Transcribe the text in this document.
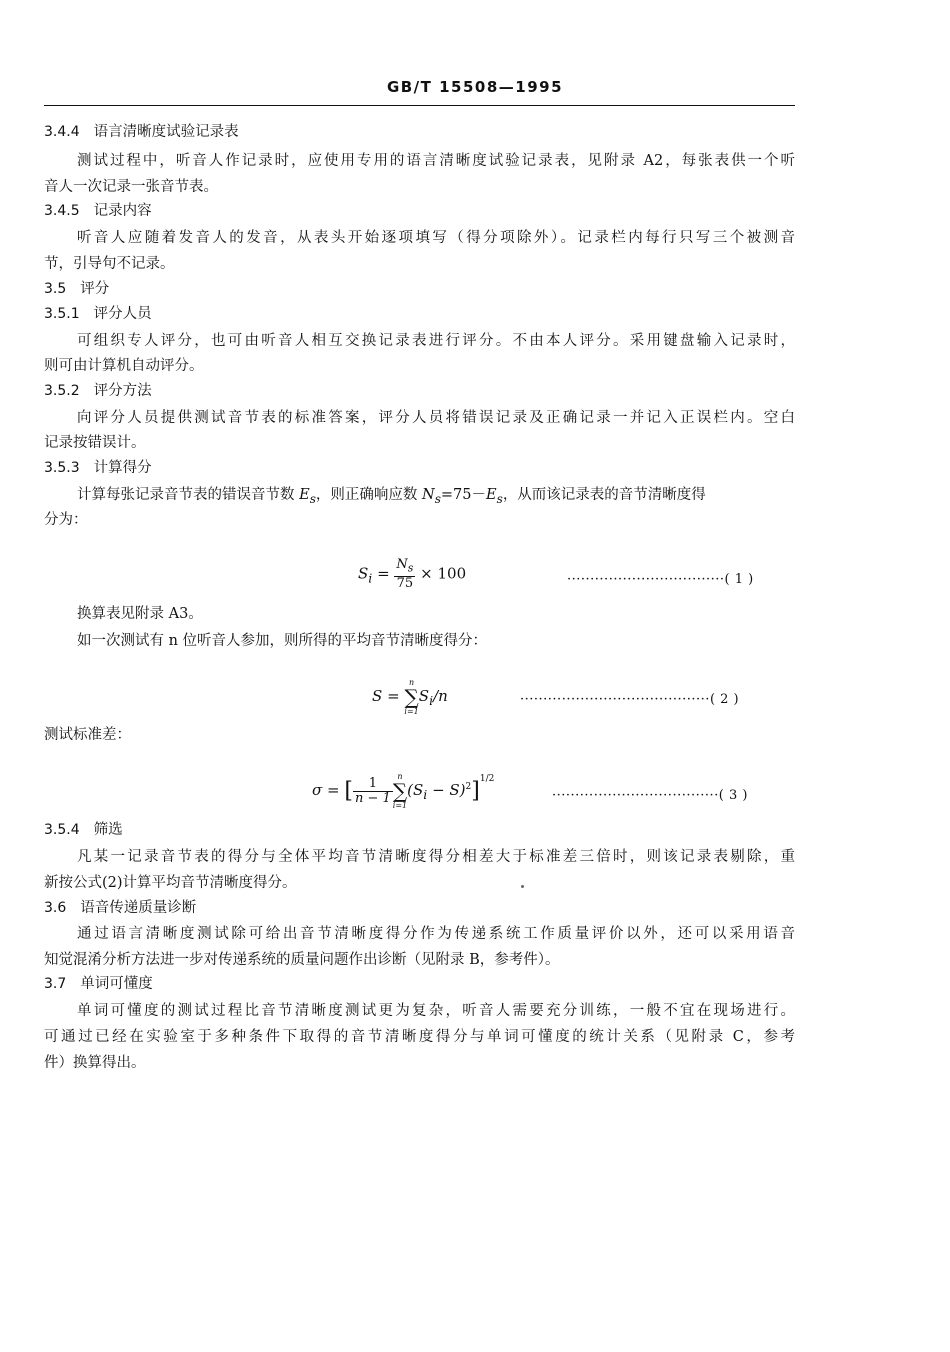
GB/T 15508—1995
3.4.4 语言清晰度试验记录表
测试过程中，听音人作记录时，应使用专用的语言清晰度试验记录表，见附录 A2，每张表供一个听
音人一次记录一张音节表。
3.4.5 记录内容
听音人应随着发音人的发音，从表头开始逐项填写（得分项除外）。记录栏内每行只写三个被测音
节，引导句不记录。
3.5 评分
3.5.1 评分人员
可组织专人评分，也可由听音人相互交换记录表进行评分。不由本人评分。采用键盘输入记录时，
则可由计算机自动评分。
3.5.2 评分方法
向评分人员提供测试音节表的标准答案，评分人员将错误记录及正确记录一并记入正误栏内。空白
记录按错误计。
3.5.3 计算得分
计算每张记录音节表的错误音节数 $E_s$，则正确响应数 $N_s=75-E_s$，从而该记录表的音节清晰度得
分为：
$S_i = \frac{N_s}{75} \times 100$	··································( 1 )
换算表见附录 A3。
如一次测试有 n 位听音人参加，则所得的平均音节清晰度得分：
S =
n
∑
i=1
$S_i/n$	·········································( 2 )
测试标准差：
σ = [ $\frac{1}{n - 1}$ n
∑
i=1
$(S_i - S)^2]^{1/2}$
····································( 3 )
3.5.4 筛选
凡某一记录音节表的得分与全体平均音节清晰度得分相差大于标准差三倍时，则该记录表剔除，重
新按公式(2)计算平均音节清晰度得分。
3.6 语音传递质量诊断
通过语言清晰度测试除可给出音节清晰度得分作为传递系统工作质量评价以外，还可以采用语音
知觉混淆分析方法进一步对传递系统的质量问题作出诊断（见附录 B，参考件）。
3.7 单词可懂度
单词可懂度的测试过程比音节清晰度测试更为复杂，听音人需要充分训练，一般不宜在现场进行。
可通过已经在实验室于多种条件下取得的音节清晰度得分与单词可懂度的统计关系（见附录 C，参考
件）换算得出。
